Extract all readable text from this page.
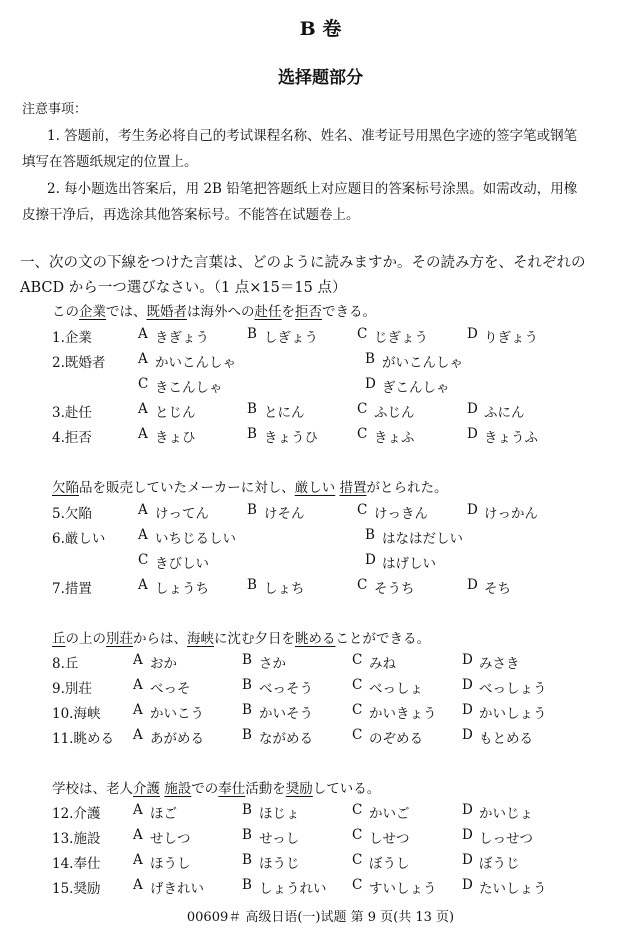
B 卷
选择题部分
注意事项：
1. 答题前，考生务必将自己的考试课程名称、姓名、准考证号用黑色字迹的签字笔或钢笔
填写在答题纸规定的位置上。
2. 每小题选出答案后，用 2B 铅笔把答题纸上对应题目的答案标号涂黑。如需改动，用橡
皮擦干净后，再选涂其他答案标号。不能答在试题卷上。
一、次の文の下線をつけた言葉は、どのように読みますか。その読み方を、それぞれの
ABCD から一つ選びなさい。（1 点×15＝15 点）
この企業では、既婚者は海外への赴任を拒否できる。
1.企業	A きぎょう	B しぎょう	C じぎょう	D りぎょう
2.既婚者 A かいこんしゃ	B がいこんしゃ
C きこんしゃ	D ぎこんしゃ
3.赴任	A とじん	B とにん	C ふじん	D ふにん
4.拒否	A きょひ	B きょうひ	C きょふ	D きょうふ
欠陥品を販売していたメーカーに対し、厳しい 措置がとられた。
5.欠陥	A けってん	B けそん	C けっきん	D けっかん
6.厳しい A いちじるしい	B はなはだしい
C きびしい	D はげしい
7.措置	A しょうち	B しょち	C そうち	D そち
丘の上の別荘からは、海峡に沈む夕日を眺めることができる。
8.丘	A おか	B さか	C みね	D みさき
9.別荘	A べっそ	B べっそう	C べっしょ	D べっしょう
10.海峡 A かいこう	B かいそう	C かいきょう D かいしょう
11.眺める A あがめる	B ながめる	C のぞめる	D もとめる
学校は、老人介護 施設での奉仕活動を奨励している。
12.介護 A ほご	B ほじょ	C かいご	D かいじょ
13.施設 A せしつ	B せっし	C しせつ	D しっせつ
14.奉仕 A ほうし	B ほうじ	C ぼうし	D ぼうじ
15.奨励 A げきれい	B しょうれい C すいしょう D たいしょう
00609＃ 高级日语(一)试题 第 9 页(共 13 页)
